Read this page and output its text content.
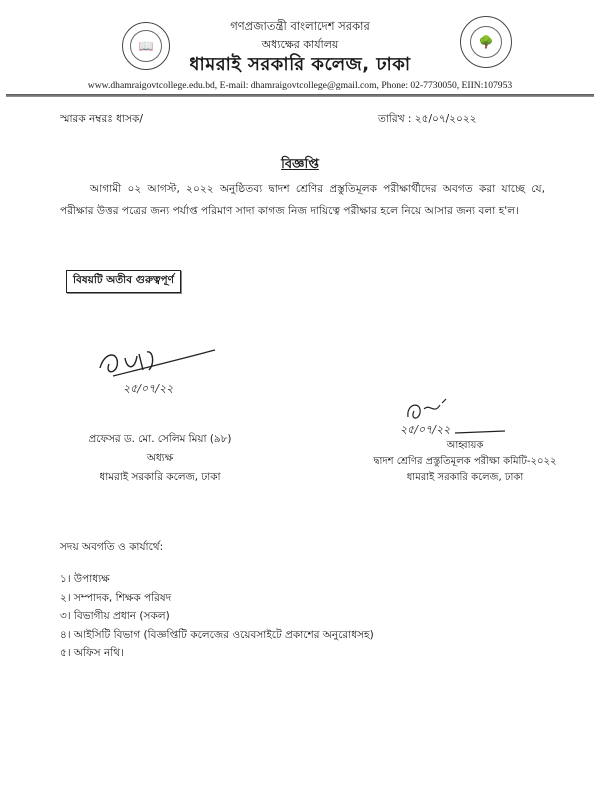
📖	🌳
গণপ্রজাতন্ত্রী বাংলাদেশ সরকার
অধ্যক্ষের কার্যালয়
ধামরাই সরকারি কলেজ, ঢাকা
www.dhamraigovtcollege.edu.bd, E-mail: dhamraigovtcollege@gmail.com, Phone: 02-7730050, EIIN:107953
স্মারক নম্বরঃ ধাসক/	তারিখ : ২৫/০৭/২০২২
বিজ্ঞপ্তি
আগামী ০২ আগস্ট, ২০২২ অনুষ্ঠিতব্য দ্বাদশ শ্রেণির প্রস্তুতিমূলক পরীক্ষার্থীদের অবগত করা যাচ্ছে যে, পরীক্ষার উত্তর পত্রের জন্য পর্যাপ্ত পরিমাণ সাদা কাগজ নিজ দায়িত্বে পরীক্ষার হলে নিয়ে আসার জন্য বলা হ'ল।
বিষয়টি অতীব গুরুত্বপূর্ণ
২৫/০৭/২২
প্রফেসর ড. মো. সেলিম মিয়া (৯৮)
অধ্যক্ষ
ধামরাই সরকারি কলেজ, ঢাকা
২৫/০৭/২২
আহ্বায়ক
দ্বাদশ শ্রেণির প্রস্তুতিমূলক পরীক্ষা কমিটি-২০২২
ধামরাই সরকারি কলেজ, ঢাকা
সদয় অবগতি ও কার্যার্থে:
১। উপাধ্যক্ষ
২। সম্পাদক, শিক্ষক পরিষদ
৩। বিভাগীয় প্রধান (সকল)
৪। আইসিটি বিভাগ (বিজ্ঞপ্তিটি কলেজের ওয়েবসাইটে প্রকাশের অনুরোধসহ)
৫। অফিস নথি।
